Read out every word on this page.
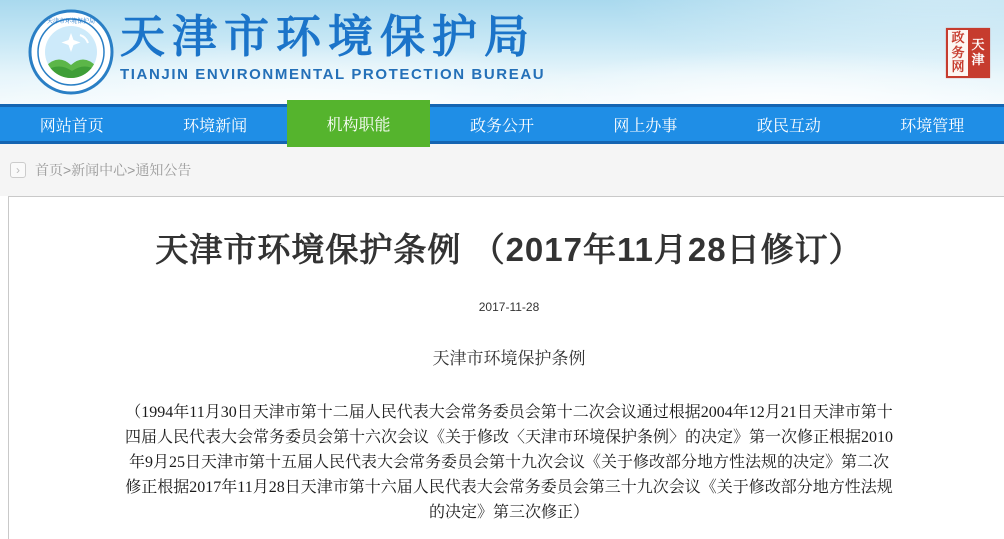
天津市环境保护局 天津市环境保护局
TIANJIN ENVIRONMENTAL PROTECTION BUREAU
政务网
天津
网站首页	环境新闻	机构职能	政务公开	网上办事	政民互动	环境管理
›	首页>新闻中心>通知公告
天津市环境保护条例 （2017年11月28日修订）
2017-11-28
天津市环境保护条例
（1994年11月30日天津市第十二届人民代表大会常务委员会第十二次会议通过根据2004年12月21日天津市第十四届人民代表大会常务委员会第十六次会议《关于修改〈天津市环境保护条例〉的决定》第一次修正根据2010年9月25日天津市第十五届人民代表大会常务委员会第十九次会议《关于修改部分地方性法规的决定》第二次修正根据2017年11月28日天津市第十六届人民代表大会常务委员会第三十九次会议《关于修改部分地方性法规的决定》第三次修正）
